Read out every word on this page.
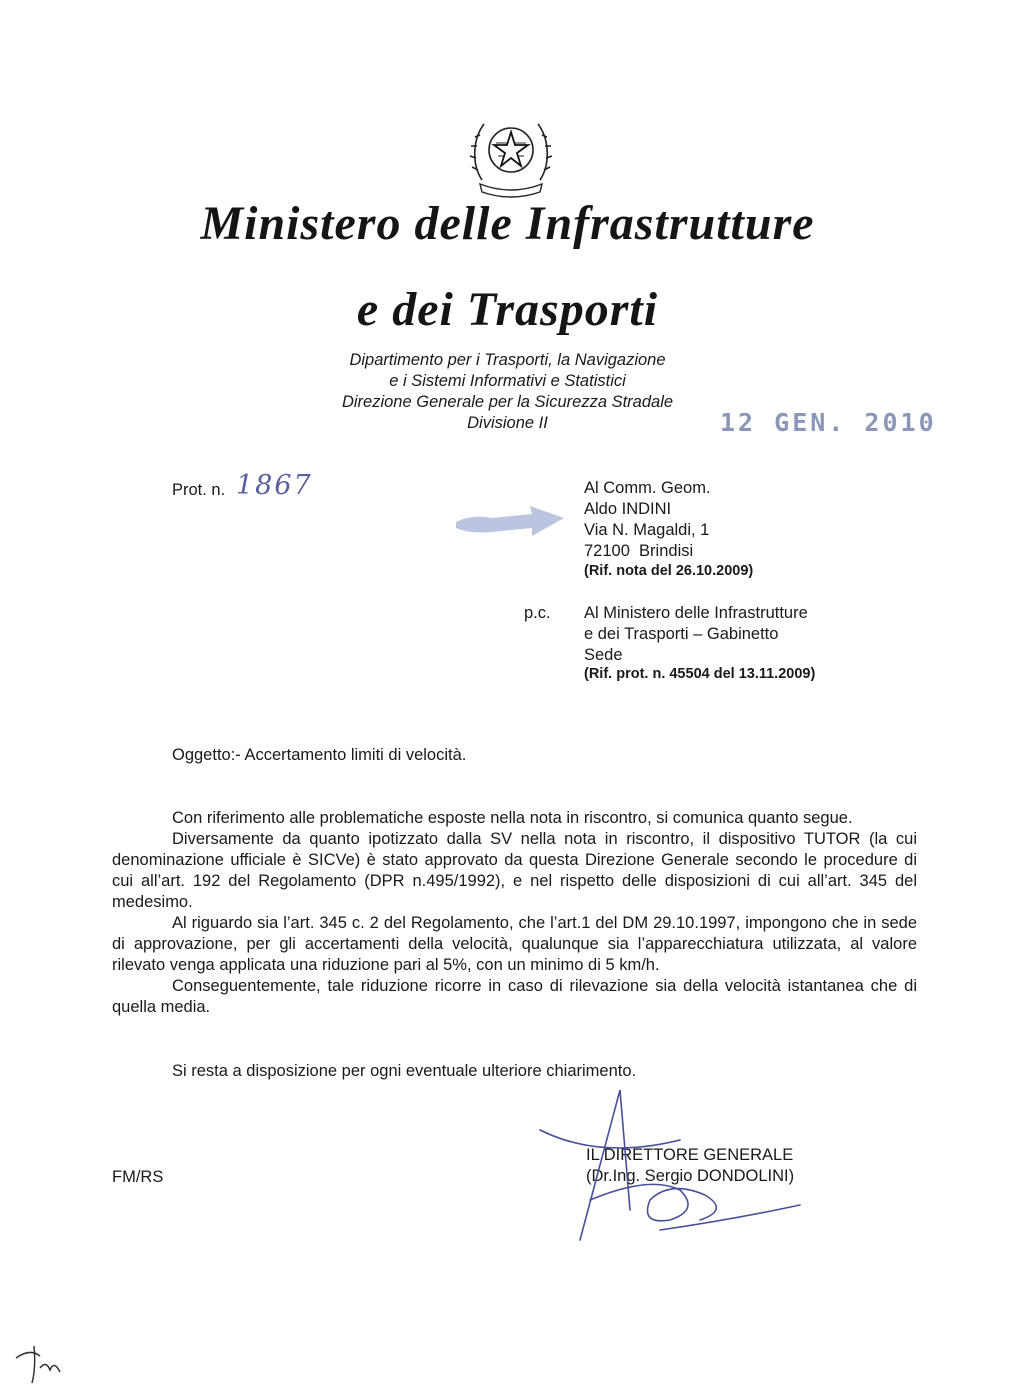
Ministero delle Infrastrutture
e dei Trasporti
Dipartimento per i Trasporti, la Navigazione
e i Sistemi Informativi e Statistici
Direzione Generale per la Sicurezza Stradale
Divisione II	12 GEN. 2010
Prot. n. 1867	Al Comm. Geom.
Aldo INDINI
Via N. Magaldi, 1
72100  Brindisi
(Rif. nota del 26.10.2009)
p.c. Al Ministero delle Infrastrutture
e dei Trasporti – Gabinetto
Sede
(Rif. prot. n. 45504 del 13.11.2009)
Oggetto:- Accertamento limiti di velocità.

Con riferimento alle problematiche esposte nella nota in riscontro, si comunica quanto segue.

Diversamente da quanto ipotizzato dalla SV nella nota in riscontro, il dispositivo TUTOR (la cui denominazione ufficiale è SICVe) è stato approvato da questa Direzione Generale secondo le procedure di cui all’art. 192 del Regolamento (DPR n.495/1992), e nel rispetto delle disposizioni di cui all’art. 345 del medesimo.

Al riguardo sia l’art. 345 c. 2 del Regolamento, che l’art.1 del DM 29.10.1997, impongono che in sede di approvazione, per gli accertamenti della velocità, qualunque sia l’apparecchiatura utilizzata, al valore rilevato venga applicata una riduzione pari al 5%, con un minimo di 5 km/h.

Conseguentemente, tale riduzione ricorre in caso di rilevazione sia della velocità istantanea che di quella media.

Si resta a disposizione per ogni eventuale ulteriore chiarimento.
FM/RS
IL DIRETTORE GENERALE
(Dr.Ing. Sergio DONDOLINI)
